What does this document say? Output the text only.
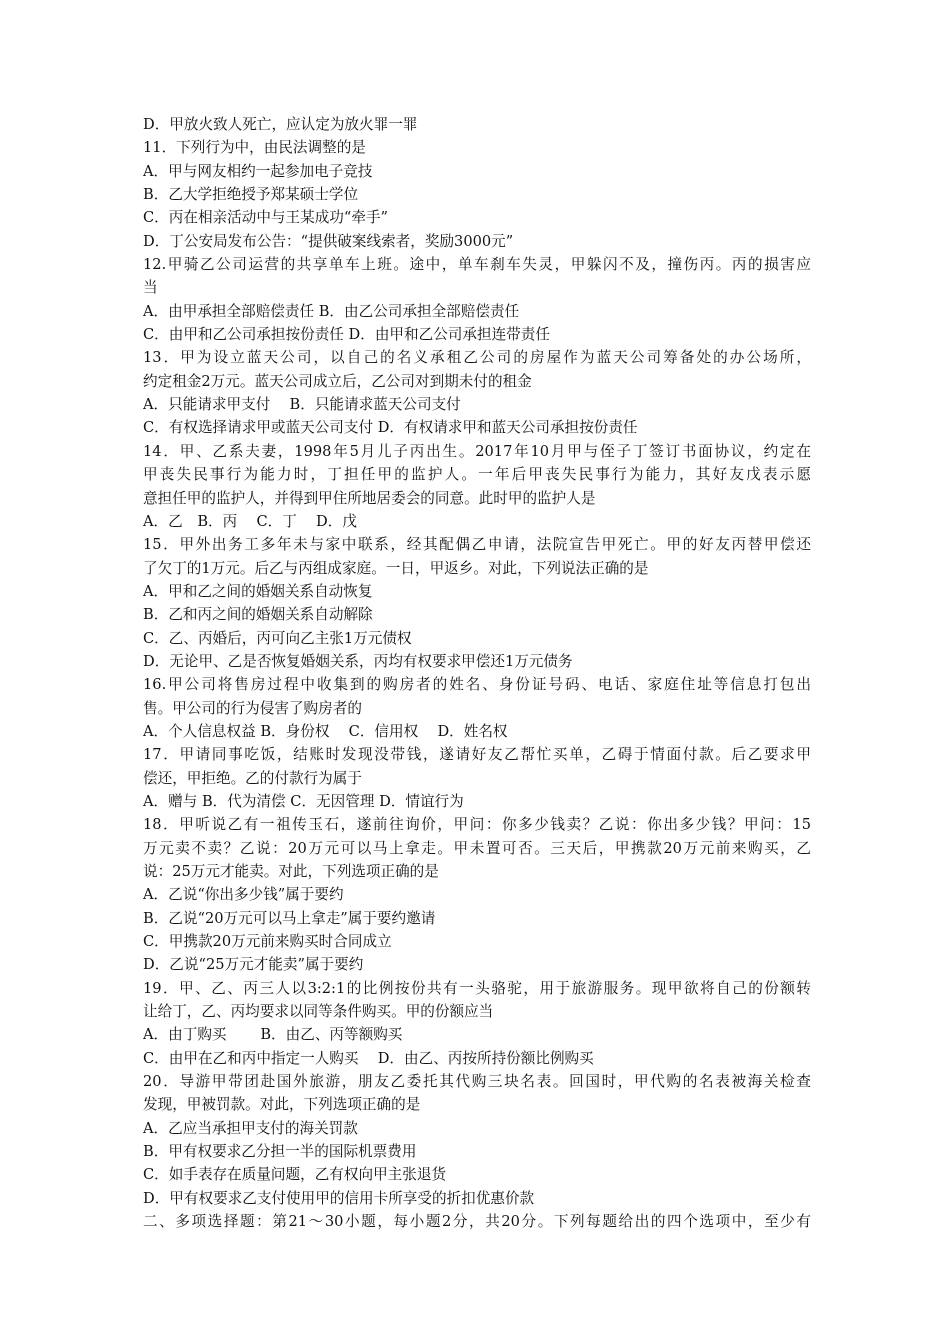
D．甲放火致人死亡，应认定为放火罪一罪
11．下列行为中，由民法调整的是
A．甲与网友相约一起参加电子竞技
B．乙大学拒绝授予郑某硕士学位
C．丙在相亲活动中与王某成功“牵手”
D．丁公安局发布公告：“提供破案线索者，奖励3000元”
12.甲骑乙公司运营的共享单车上班。途中，单车刹车失灵，甲躲闪不及，撞伤丙。丙的损害应
当
A．由甲承担全部赔偿责任 B．由乙公司承担全部赔偿责任
C．由甲和乙公司承担按份责任 D．由甲和乙公司承担连带责任
13．甲为设立蓝天公司，以自己的名义承租乙公司的房屋作为蓝天公司筹备处的办公场所，
约定租金2万元。蓝天公司成立后，乙公司对到期未付的租金
A．只能请求甲支付　 B．只能请求蓝天公司支付
C．有权选择请求甲或蓝天公司支付 D．有权请求甲和蓝天公司承担按份责任
14．甲、乙系夫妻，1998年5月儿子丙出生。2017年10月甲与侄子丁签订书面协议，约定在
甲丧失民事行为能力时，丁担任甲的监护人。一年后甲丧失民事行为能力，其好友戊表示愿
意担任甲的监护人，并得到甲住所地居委会的同意。此时甲的监护人是
A．乙　B．丙　 C．丁　 D．戊
15．甲外出务工多年未与家中联系，经其配偶乙申请，法院宣告甲死亡。甲的好友丙替甲偿还
了欠丁的1万元。后乙与丙组成家庭。一日，甲返乡。对此，下列说法正确的是
A．甲和乙之间的婚姻关系自动恢复
B．乙和丙之间的婚姻关系自动解除
C．乙、丙婚后，丙可向乙主张1万元债权
D．无论甲、乙是否恢复婚姻关系，丙均有权要求甲偿还1万元债务
16.甲公司将售房过程中收集到的购房者的姓名、身份证号码、电话、家庭住址等信息打包出
售。甲公司的行为侵害了购房者的
A．个人信息权益 B．身份权　 C．信用权　 D．姓名权
17．甲请同事吃饭，结账时发现没带钱，遂请好友乙帮忙买单，乙碍于情面付款。后乙要求甲
偿还，甲拒绝。乙的付款行为属于
A．赠与 B．代为清偿 C．无因管理 D．情谊行为
18．甲听说乙有一祖传玉石，遂前往询价，甲问：你多少钱卖？乙说：你出多少钱？甲问：15
万元卖不卖？乙说：20万元可以马上拿走。甲未置可否。三天后，甲携款20万元前来购买，乙
说：25万元才能卖。对此，下列选项正确的是
A．乙说“你出多少钱”属于要约
B．乙说“20万元可以马上拿走”属于要约邀请
C．甲携款20万元前来购买时合同成立
D．乙说“25万元才能卖”属于要约
19．甲、乙、丙三人以3:2:1的比例按份共有一头骆驼，用于旅游服务。现甲欲将自己的份额转
让给丁，乙、丙均要求以同等条件购买。甲的份额应当
A．由丁购买　　 B．由乙、丙等额购买
C．由甲在乙和丙中指定一人购买　 D．由乙、丙按所持份额比例购买
20．导游甲带团赴国外旅游，朋友乙委托其代购三块名表。回国时，甲代购的名表被海关检查
发现，甲被罚款。对此，下列选项正确的是
A．乙应当承担甲支付的海关罚款
B．甲有权要求乙分担一半的国际机票费用
C．如手表存在质量问题，乙有权向甲主张退货
D．甲有权要求乙支付使用甲的信用卡所享受的折扣优惠价款
二、多项选择题：第21～30小题，每小题2分，共20分。下列每题给出的四个选项中，至少有
